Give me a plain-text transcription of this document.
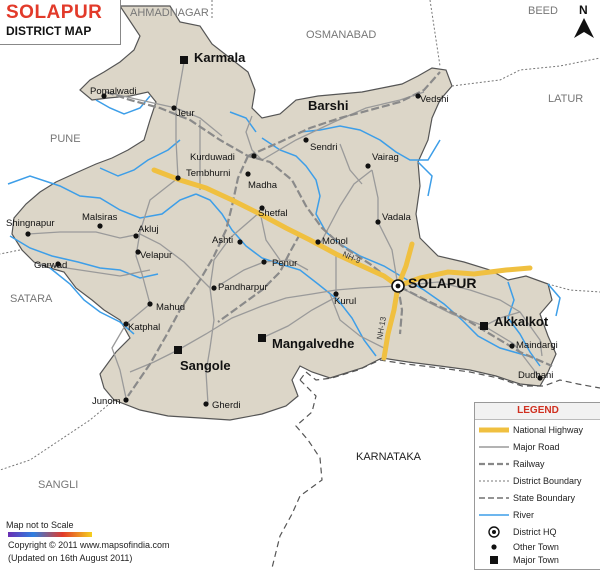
NH-9
NH-13
AHMADNAGAR
OSMANABAD
BEED
LATUR
PUNE
SATARA
SANGLI
KARNATAKA
Karmala
Barshi
Akkalkot
Sangole
Mangalvedhe
SOLAPUR
Pomalwadi
Jeur
Vedshi
Sendri
Kurduwadi
Tembhurni
Madha
Vairag
Shetfal	Vadala
Shingnapur
Malsiras
Akluj
Ashti	Mohol
Garwad
Velapur
Penur
Pandharpur
Kurul
Mahud
Katphal
Maindargi
Dudhani
Junom	Gherdi
SOLAPUR
DISTRICT MAP
N
LEGEND
National Highway
Major Road
Railway
District Boundary
State Boundary
River
District HQ
Other Town
Major Town
Map not to Scale
Copyright © 2011 www.mapsofindia.com
(Updated on 16th August 2011)
